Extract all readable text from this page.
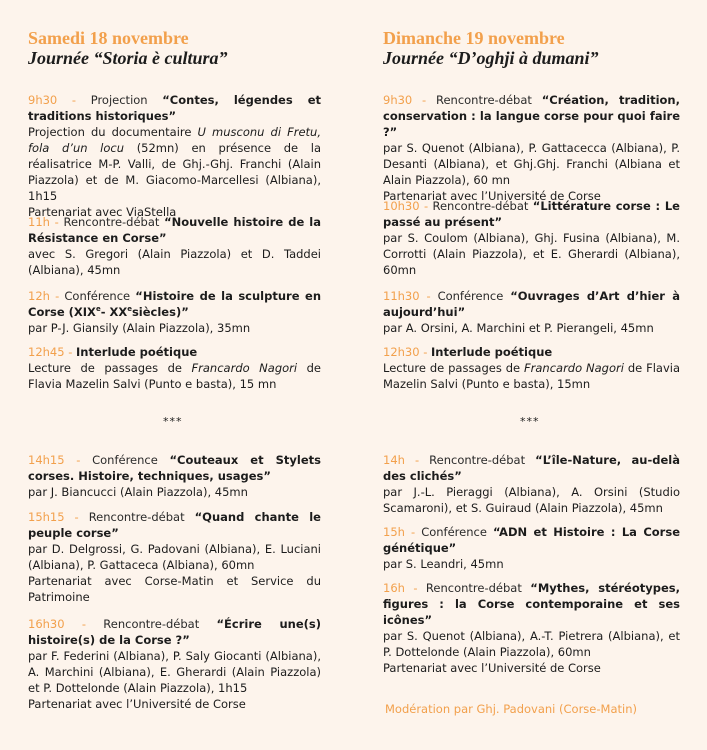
Samedi 18 novembre
Journée “Storia è cultura”

9h30 - Projection “Contes, légendes et traditions historiques”

Projection du documentaire U musconu di Fretu, fola d’un locu (52mn) en présence de la réalisatrice M-P. Valli, de Ghj.-Ghj. Franchi (Alain Piazzola) et de M. Giacomo-Marcellesi (Albiana), 1h15

Partenariat avec ViaStella

11h - Rencontre-débat “Nouvelle histoire de la Résistance en Corse”

avec S. Gregori (Alain Piazzola) et D. Taddei (Albiana), 45mn

12h - Conférence “Histoire de la sculpture en Corse (XIXe- XXesiècles)”

par P-J. Giansily (Alain Piazzola), 35mn

12h45 - Interlude poétique

Lecture de passages de Francardo Nagori de Flavia Mazelin Salvi (Punto e basta), 15 mn

14h15 - Conférence “Couteaux et Stylets corses. Histoire, techniques, usages”

par J. Biancucci (Alain Piazzola), 45mn

15h15 - Rencontre-débat “Quand chante le peuple corse”

par D. Delgrossi, G. Padovani (Albiana), E. Luciani (Albiana), P. Gattaceca (Albiana), 60mn

Partenariat avec Corse-Matin et Service du Patrimoine

16h30 - Rencontre-débat “Écrire une(s) histoire(s) de la Corse ?”

par F. Federini (Albiana), P. Saly Giocanti (Albiana), A. Marchini (Albiana), E. Gherardi (Alain Piazzola) et P. Dottelonde (Alain Piazzola), 1h15

Partenariat avec l’Université de Corse

Dimanche 19 novembre
Journée “D’oghji à dumani”

9h30 - Rencontre-débat “Création, tradition, conservation : la langue corse pour quoi faire ?”

par S. Quenot (Albiana), P. Gattacecca (Albiana), P. Desanti (Albiana), et Ghj.Ghj. Franchi (Albiana et Alain Piazzola), 60 mn

Partenariat avec l’Université de Corse

10h30 - Rencontre-débat “Littérature corse : Le passé au présent”

par S. Coulom (Albiana), Ghj. Fusina (Albiana), M. Corrotti (Alain Piazzola), et E. Gherardi (Albiana), 60mn

11h30 - Conférence “Ouvrages d’Art d’hier à aujourd’hui”

par A. Orsini, A. Marchini et P. Pierangeli, 45mn

12h30 - Interlude poétique

Lecture de passages de Francardo Nagori de Flavia Mazelin Salvi (Punto e basta), 15mn

14h - Rencontre-débat “L’île-Nature, au-delà des clichés”

par J.-L. Pieraggi (Albiana), A. Orsini (Studio Scamaroni), et S. Guiraud (Alain Piazzola), 45mn

15h - Conférence “ADN et Histoire : La Corse génétique”

par S. Leandri, 45mn

16h - Rencontre-débat “Mythes, stéréotypes, figures : la Corse contemporaine et ses icônes”

par S. Quenot (Albiana), A.-T. Pietrera (Albiana), et P. Dottelonde (Alain Piazzola), 60mn

Partenariat avec l’Université de Corse

***	***
Modération par Ghj. Padovani (Corse-Matin)
